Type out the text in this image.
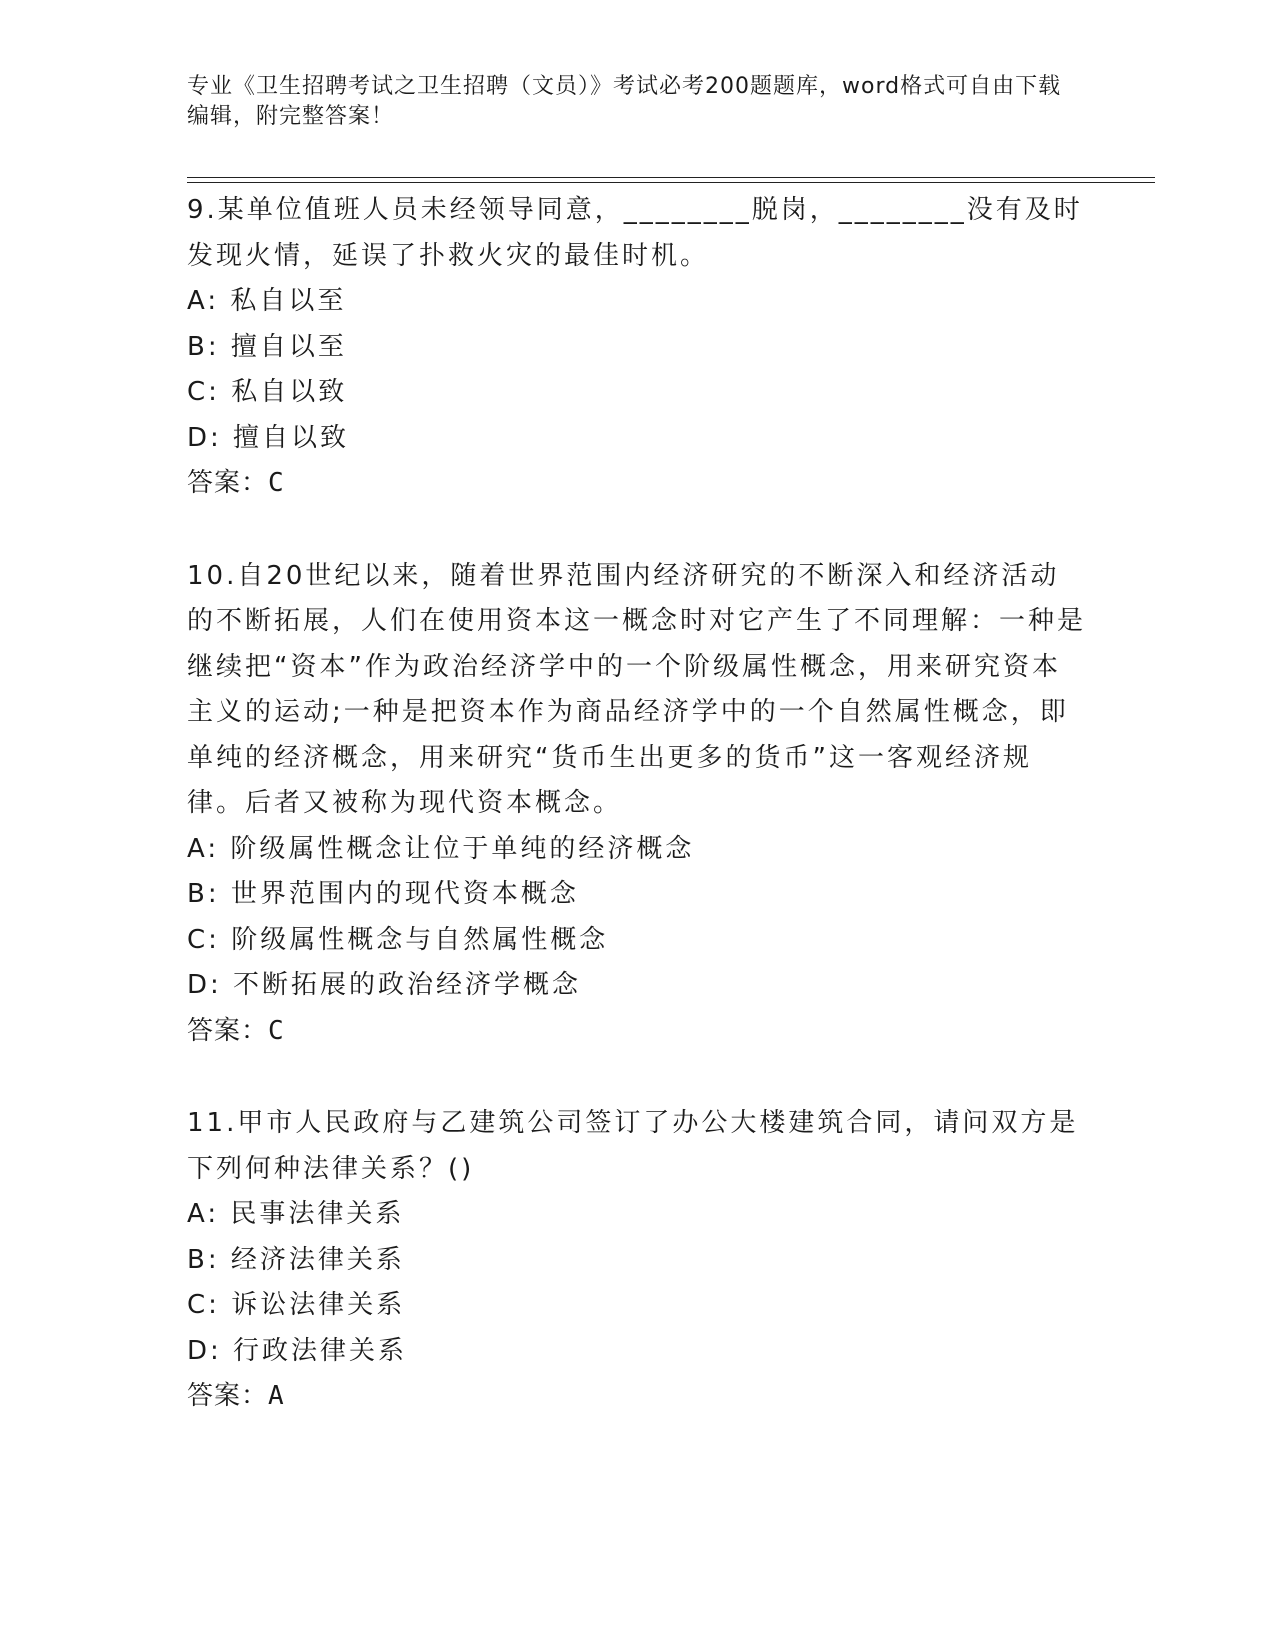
专业《卫生招聘考试之卫生招聘（文员）》考试必考200题题库，word格式可自由下载编辑，附完整答案！

9.某单位值班人员未经领导同意，________脱岗，________没有及时发现火情，延误了扑救火灾的最佳时机。

A: 私自以至
B: 擅自以至
C: 私自以致
D: 擅自以致
答案：C

10.自20世纪以来，随着世界范围内经济研究的不断深入和经济活动的不断拓展，人们在使用资本这一概念时对它产生了不同理解：一种是继续把“资本”作为政治经济学中的一个阶级属性概念，用来研究资本主义的运动;一种是把资本作为商品经济学中的一个自然属性概念，即单纯的经济概念，用来研究“货币生出更多的货币”这一客观经济规律。后者又被称为现代资本概念。

A: 阶级属性概念让位于单纯的经济概念
B: 世界范围内的现代资本概念
C: 阶级属性概念与自然属性概念
D: 不断拓展的政治经济学概念
答案：C

11.甲市人民政府与乙建筑公司签订了办公大楼建筑合同，请问双方是下列何种法律关系？()

A: 民事法律关系
B: 经济法律关系
C: 诉讼法律关系
D: 行政法律关系
答案：A
